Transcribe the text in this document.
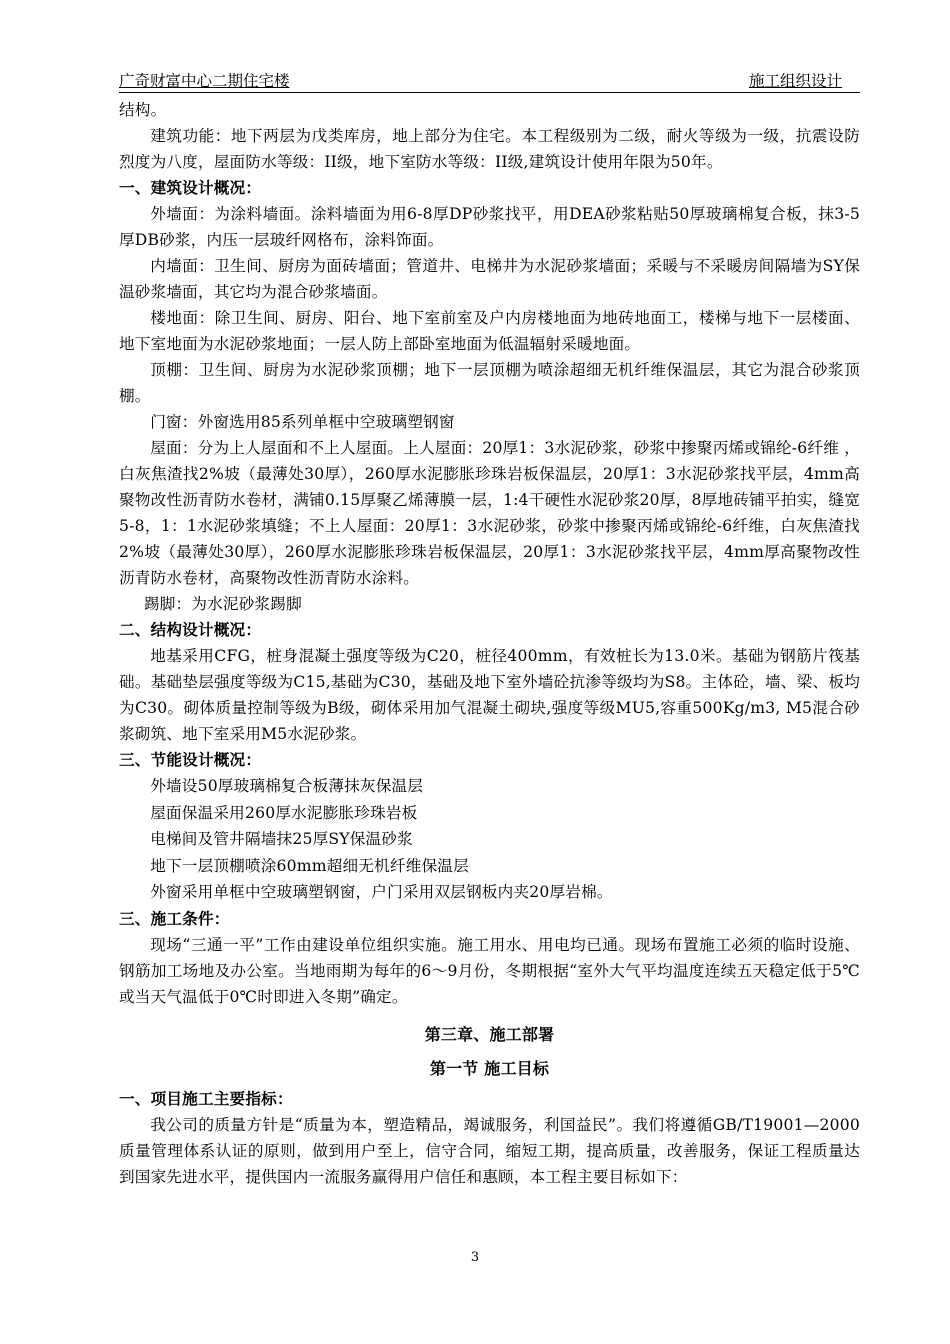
广奇财富中心二期住宅楼	施工组织设计

结构。

建筑功能：地下两层为戊类库房，地上部分为住宅。本工程级别为二级，耐火等级为一级，抗震设防烈度为八度，屋面防水等级：II级，地下室防水等级：II级,建筑设计使用年限为50年。

一、建筑设计概况：

外墙面：为涂料墙面。涂料墙面为用6-8厚DP砂浆找平，用DEA砂浆粘贴50厚玻璃棉复合板，抹3-5厚DB砂浆，内压一层玻纤网格布，涂料饰面。

内墙面：卫生间、厨房为面砖墙面；管道井、电梯井为水泥砂浆墙面；采暖与不采暖房间隔墙为SY保温砂浆墙面，其它均为混合砂浆墙面。

楼地面：除卫生间、厨房、阳台、地下室前室及户内房楼地面为地砖地面工，楼梯与地下一层楼面、地下室地面为水泥砂浆地面；一层人防上部卧室地面为低温辐射采暖地面。

顶棚：卫生间、厨房为水泥砂浆顶棚；地下一层顶棚为喷涂超细无机纤维保温层，其它为混合砂浆顶棚。

门窗：外窗选用85系列单框中空玻璃塑钢窗

屋面：分为上人屋面和不上人屋面。上人屋面：20厚1：3水泥砂浆，砂浆中掺聚丙烯或锦纶-6纤维 ， 白灰焦渣找2%坡（最薄处30厚），260厚水泥膨胀珍珠岩板保温层，20厚1：3水泥砂浆找平层，4mm高聚物改性沥青防水卷材，满铺0.15厚聚乙烯薄膜一层，1:4干硬性水泥砂浆20厚，8厚地砖铺平拍实，缝宽5-8，1：1水泥砂浆填缝；不上人屋面：20厚1：3水泥砂浆，砂浆中掺聚丙烯或锦纶-6纤维，白灰焦渣找2%坡（最薄处30厚），260厚水泥膨胀珍珠岩板保温层，20厚1：3水泥砂浆找平层，4mm厚高聚物改性沥青防水卷材，高聚物改性沥青防水涂料。

踢脚：为水泥砂浆踢脚

二、结构设计概况：

地基采用CFG，桩身混凝土强度等级为C20，桩径400mm，有效桩长为13.0米。基础为钢筋片筏基础。基础垫层强度等级为C15,基础为C30，基础及地下室外墙砼抗渗等级均为S8。主体砼，墙、梁、板均为C30。砌体质量控制等级为B级，砌体采用加气混凝土砌块,强度等级MU5,容重500Kg/m3, M5混合砂浆砌筑、地下室采用M5水泥砂浆。

三、节能设计概况：

外墙设50厚玻璃棉复合板薄抹灰保温层

屋面保温采用260厚水泥膨胀珍珠岩板

电梯间及管井隔墙抹25厚SY保温砂浆

地下一层顶棚喷涂60mm超细无机纤维保温层

外窗采用单框中空玻璃塑钢窗，户门采用双层钢板内夹20厚岩棉。

三、施工条件：

现场“三通一平”工作由建设单位组织实施。施工用水、用电均已通。现场布置施工必须的临时设施、钢筋加工场地及办公室。当地雨期为每年的6～9月份，冬期根据“室外大气平均温度连续五天稳定低于5℃或当天气温低于0℃时即进入冬期”确定。

第三章、施工部署

第一节 施工目标

一、项目施工主要指标：

我公司的质量方针是“质量为本，塑造精品，竭诚服务，利国益民”。我们将遵循GB/T19001—2000质量管理体系认证的原则，做到用户至上，信守合同，缩短工期，提高质量，改善服务，保证工程质量达到国家先进水平，提供国内一流服务赢得用户信任和惠顾，本工程主要目标如下：

3
